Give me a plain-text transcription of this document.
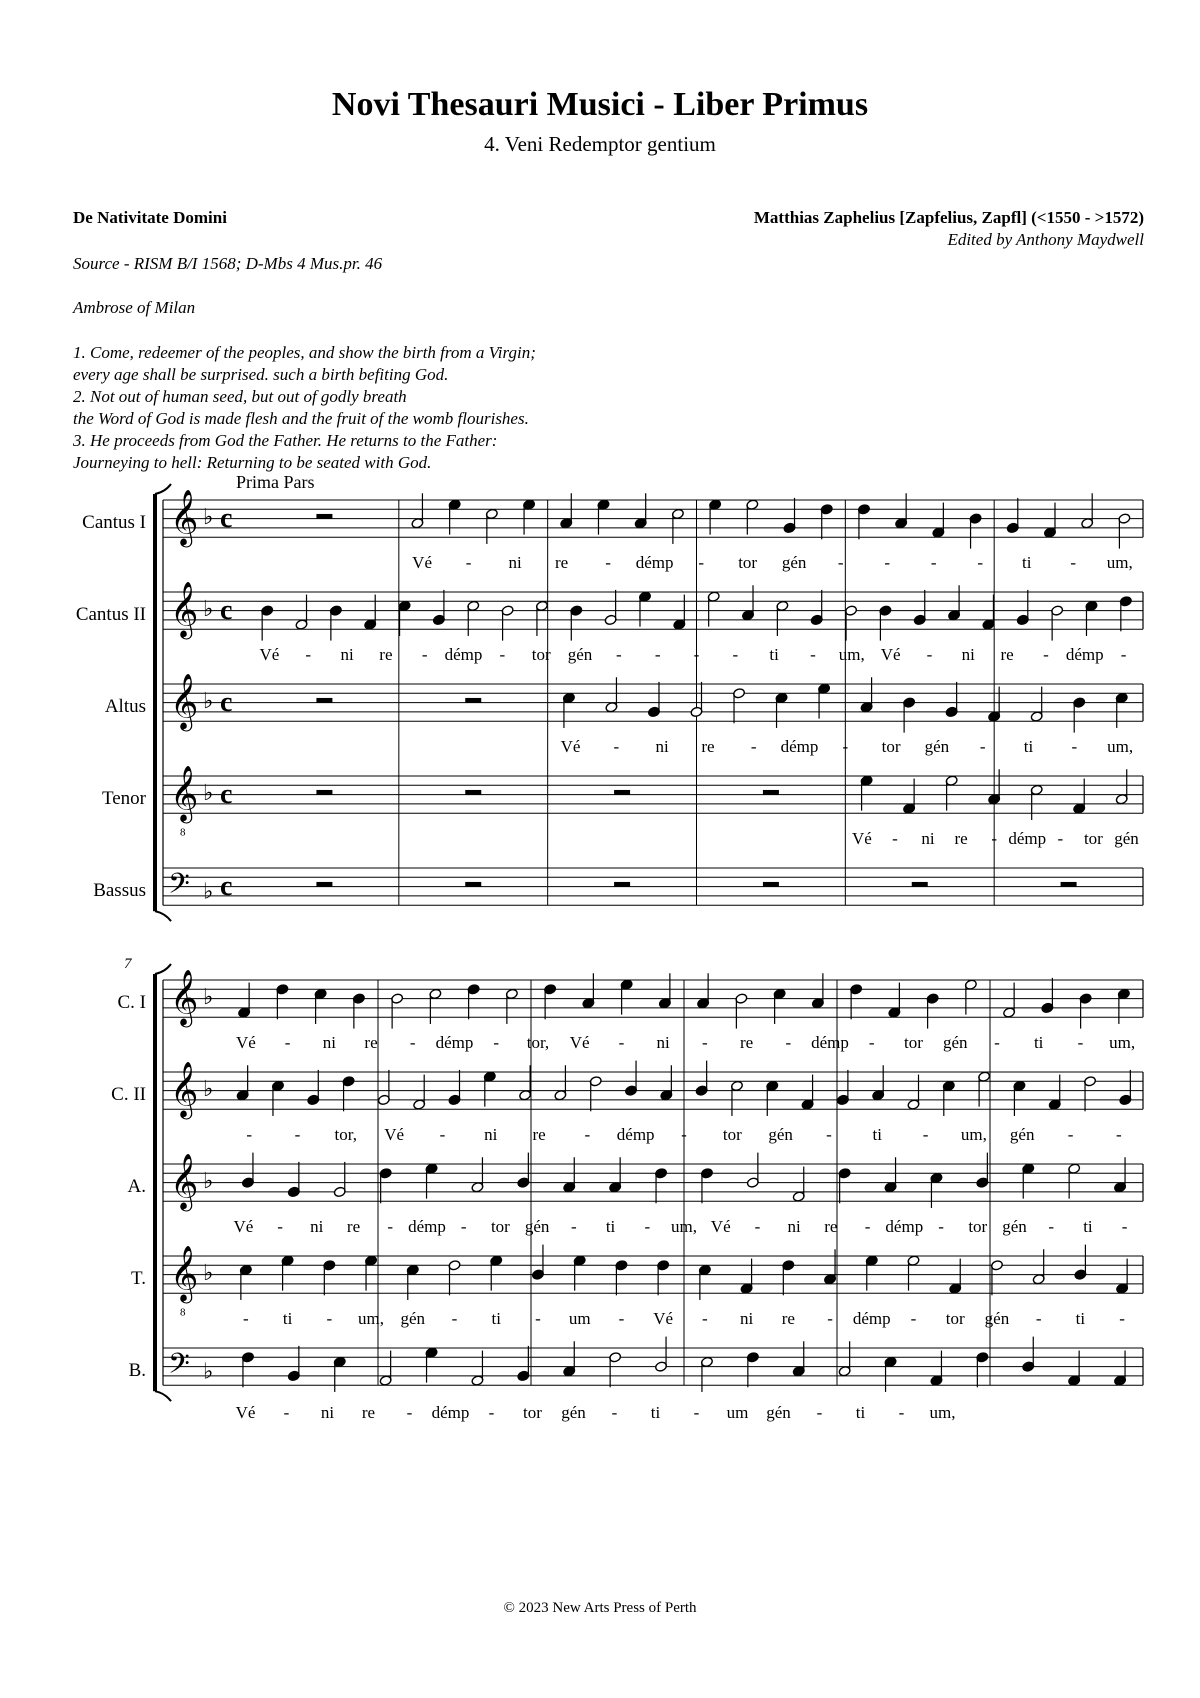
Novi Thesauri Musici - Liber Primus
4. Veni Redemptor gentium
De Nativitate Domini	Matthias Zaphelius [Zapfelius, Zapfl] (<1550 - >1572)
Edited by Anthony Maydwell
Source - RISM B/I 1568; D-Mbs 4 Mus.pr. 46
Ambrose of Milan
1. Come, redeemer of the peoples, and show the birth from a Virgin;
every age shall be surprised. such a birth befiting God.
2. Not out of human seed, but out of godly breath
the Word of God is made flesh and the fruit of the womb flourishes.
3. He proceeds from God the Father. He returns to the Father:
Journeying to hell: Returning to be seated with God.
Prima Pars
Cantus I 𝄞 ♭ c
Cantus II 𝄞 ♭ c
Altus 𝄞 ♭ c
Tenor 𝄞 ♭
8
c
Bassus 𝄢 ♭ c
Vé - ni re - démp - tor gén - - - - ti - um,
Vé - ni re - démp - tor gén - - - - ti - um, Vé - ni re - démp -
Vé - ni re - démp - tor gén - ti - um,
Vé - ni re - démp - tor gén
7
C. I 𝄞 ♭
C. II 𝄞 ♭
A. 𝄞 ♭
T. 𝄞 ♭
8
B. 𝄢 ♭
Vé - ni re - démp - tor, Vé - ni - re - démp - tor gén - ti - um,
-	- tor, Vé - ni re - démp - tor gén - ti - um, gén -	-
Vé - ni re - démp - tor gén - ti - um, Vé - ni re - démp - tor gén - ti -
- ti - um, gén - ti - um - Vé - ni re - démp - tor gén - ti -
Vé - ni re - démp - tor gén - ti - um gén - ti - um,
© 2023 New Arts Press of Perth
